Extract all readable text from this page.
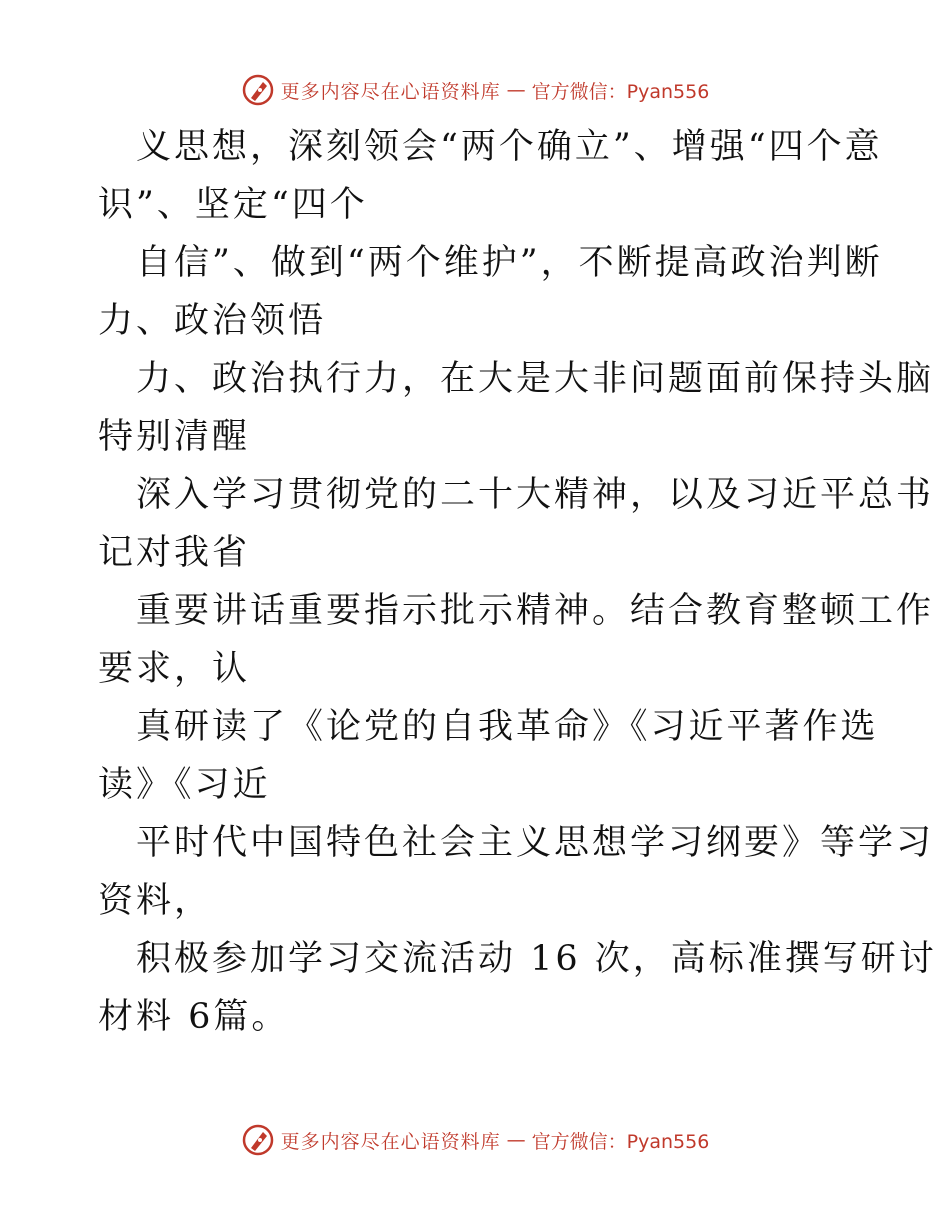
更多内容尽在心语资料库 — 官方微信：Pyan556

义思想，深刻领会“两个确立”、增强“四个意

识”、坚定“四个

自信”、做到“两个维护”，不断提高政治判断

力、政治领悟

力、政治执行力，在大是大非问题面前保持头脑

特别清醒

深入学习贯彻党的二十大精神，以及习近平总书

记对我省

重要讲话重要指示批示精神。结合教育整顿工作

要求，认

真研读了《论党的自我革命》《习近平著作选

读》《习近

平时代中国特色社会主义思想学习纲要》等学习

资料，

积极参加学习交流活动 16 次，高标准撰写研讨

材料 6篇。

更多内容尽在心语资料库 — 官方微信：Pyan556
